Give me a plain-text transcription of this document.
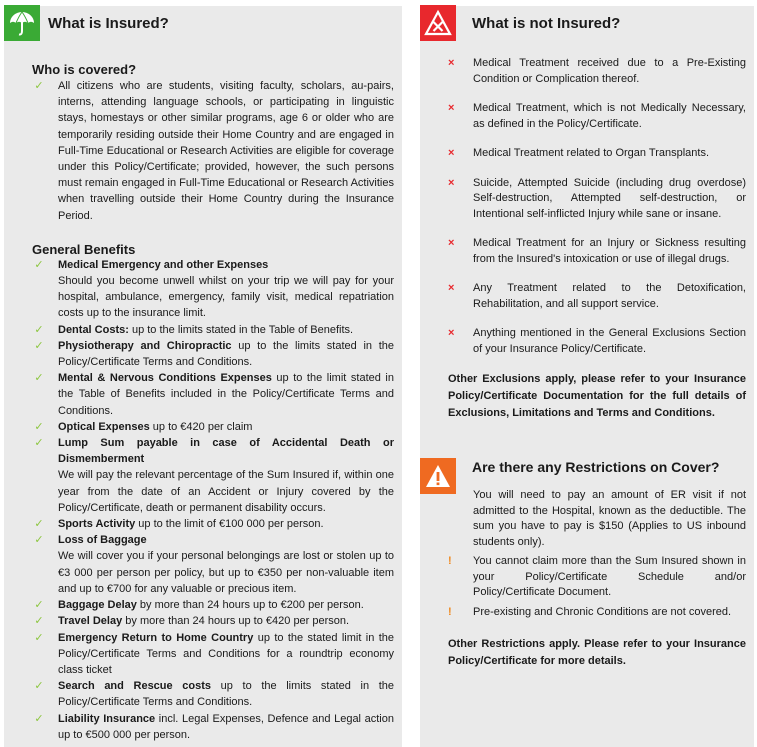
What is Insured?
Who is covered?
✓ All citizens who are students, visiting faculty, scholars, au-pairs, interns, attending language schools, or participating in linguistic stays, homestays or other similar programs, age 6 or older who are temporarily residing outside their Home Country and are engaged in Full-Time Educational or Research Activities are eligible for coverage under this Policy/Certificate; provided, however, the such persons must remain engaged in Full-Time Educational or Research Activities when travelling outside their Home Country during the Insurance Period.
General Benefits
✓ Medical Emergency and other Expenses
Should you become unwell whilst on your trip we will pay for your hospital, ambulance, emergency, family visit, medical repatriation costs up to the insurance limit.
✓ Dental Costs: up to the limits stated in the Table of Benefits.
✓ Physiotherapy and Chiropractic up to the limits stated in the Policy/Certificate Terms and Conditions.
✓ Mental & Nervous Conditions Expenses up to the limit stated in the Table of Benefits included in the Policy/Certificate Terms and Conditions.
✓ Optical Expenses up to €420 per claim
✓ Lump Sum payable in case of Accidental Death or Dismemberment
We will pay the relevant percentage of the Sum Insured if, within one year from the date of an Accident or Injury covered by the Policy/Certificate, death or permanent disability occurs.
✓ Sports Activity up to the limit of €100 000 per person.
✓ Loss of Baggage
We will cover you if your personal belongings are lost or stolen up to €3 000 per person per policy, but up to €350 per non-valuable item and up to €700 for any valuable or precious item.
✓ Baggage Delay by more than 24 hours up to €200 per person.
✓ Travel Delay by more than 24 hours up to €420 per person.
✓ Emergency Return to Home Country up to the stated limit in the Policy/Certificate Terms and Conditions for a roundtrip economy class ticket
✓ Search and Rescue costs up to the limits stated in the Policy/Certificate Terms and Conditions.
✓ Liability Insurance incl. Legal Expenses, Defence and Legal action up to €500 000 per person.
What is not Insured?
× Medical Treatment received due to a Pre-Existing Condition or Complication thereof.
× Medical Treatment, which is not Medically Necessary, as defined in the Policy/Certificate.
× Medical Treatment related to Organ Transplants.
× Suicide, Attempted Suicide (including drug overdose) Self-destruction, Attempted self-destruction, or Intentional self-inflicted Injury while sane or insane.
× Medical Treatment for an Injury or Sickness resulting from the Insured's intoxication or use of illegal drugs.
× Any Treatment related to the Detoxification, Rehabilitation, and all support service.
× Anything mentioned in the General Exclusions Section of your Insurance Policy/Certificate.
Other Exclusions apply, please refer to your Insurance Policy/Certificate Documentation for the full details of Exclusions, Limitations and Terms and Conditions.
Are there any Restrictions on Cover?
You will need to pay an amount of ER visit if not admitted to the Hospital, known as the deductible. The sum you have to pay is $150 (Applies to US inbound students only).
! You cannot claim more than the Sum Insured shown in your Policy/Certificate Schedule and/or Policy/Certificate Document.
! Pre-existing and Chronic Conditions are not covered.
Other Restrictions apply. Please refer to your Insurance Policy/Certificate for more details.
